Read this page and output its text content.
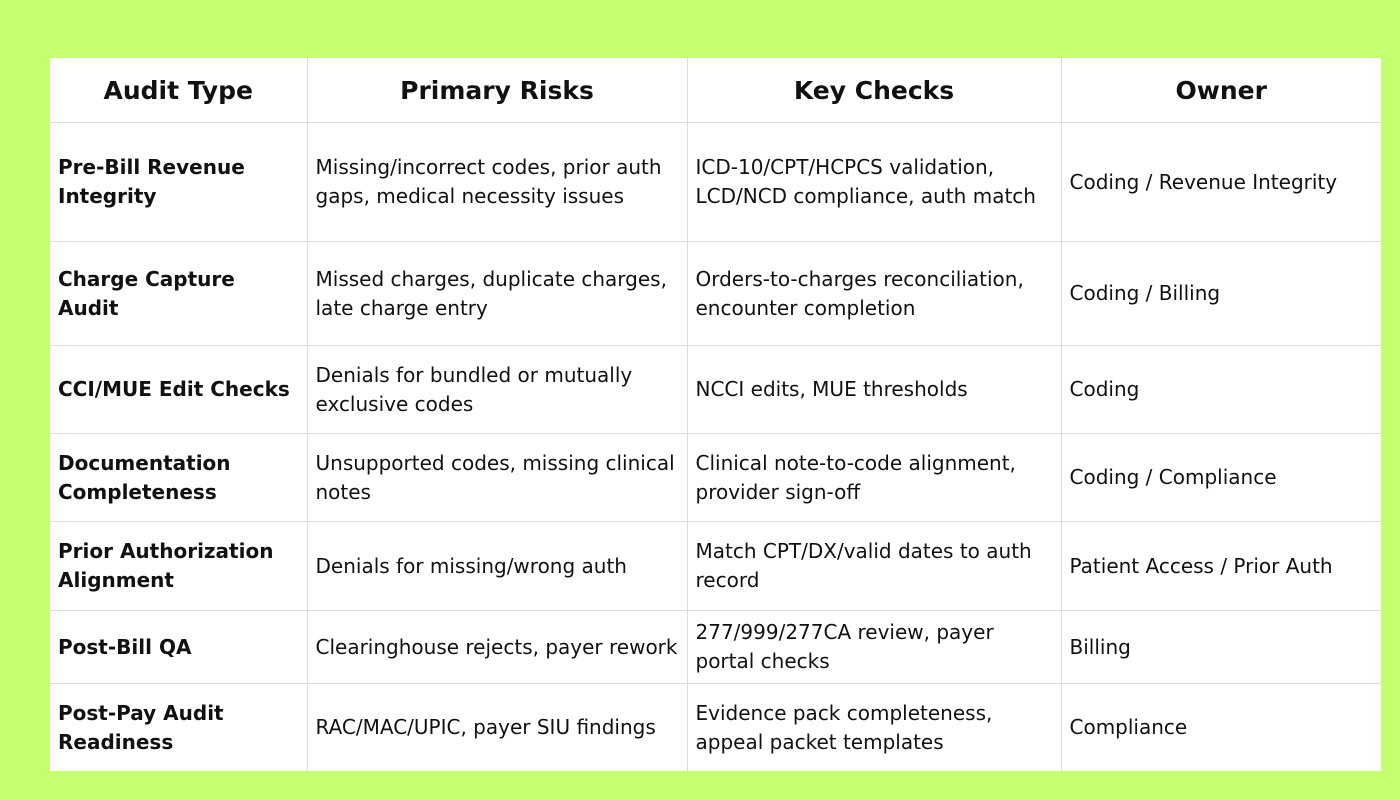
Audit Type	Primary Risks	Key Checks	Owner
Pre-Bill Revenue Integrity	Missing/incorrect codes, prior auth gaps, medical necessity issues	ICD-10/CPT/HCPCS validation, LCD/NCD compliance, auth match	Coding / Revenue Integrity
Charge Capture Audit	Missed charges, duplicate charges, late charge entry	Orders-to-charges reconciliation, encounter completion	Coding / Billing
CCI/MUE Edit Checks	Denials for bundled or mutually exclusive codes	NCCI edits, MUE thresholds	Coding
Documentation Completeness	Unsupported codes, missing clinical notes	Clinical note-to-code alignment, provider sign-off	Coding / Compliance
Prior Authorization Alignment	Denials for missing/wrong auth	Match CPT/DX/valid dates to auth record	Patient Access / Prior Auth
Post-Bill QA	Clearinghouse rejects, payer rework	277/999/277CA review, payer portal checks	Billing
Post-Pay Audit Readiness	RAC/MAC/UPIC, payer SIU findings	Evidence pack completeness, appeal packet templates	Compliance
